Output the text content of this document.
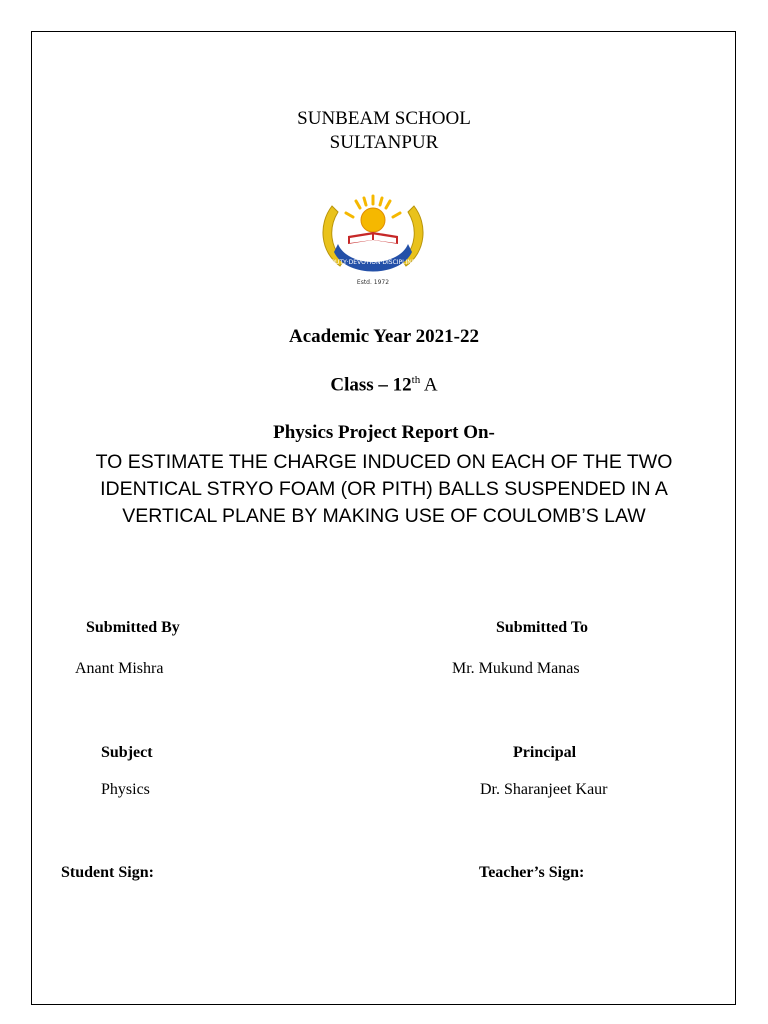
SUNBEAM SCHOOL
SULTANPUR
DUTY·DEVOTION·DISCIPLINE
Estd. 1972
Academic Year 2021-22
Class – 12th A
Physics Project Report On-
TO ESTIMATE THE CHARGE INDUCED ON EACH OF THE TWO
IDENTICAL STRYO FOAM (OR PITH) BALLS SUSPENDED IN A
VERTICAL PLANE BY MAKING USE OF COULOMB’S LAW
Submitted By	Submitted To
Anant Mishra	Mr. Mukund Manas
Subject	Principal
Physics	Dr. Sharanjeet Kaur
Student Sign:	Teacher’s Sign:
